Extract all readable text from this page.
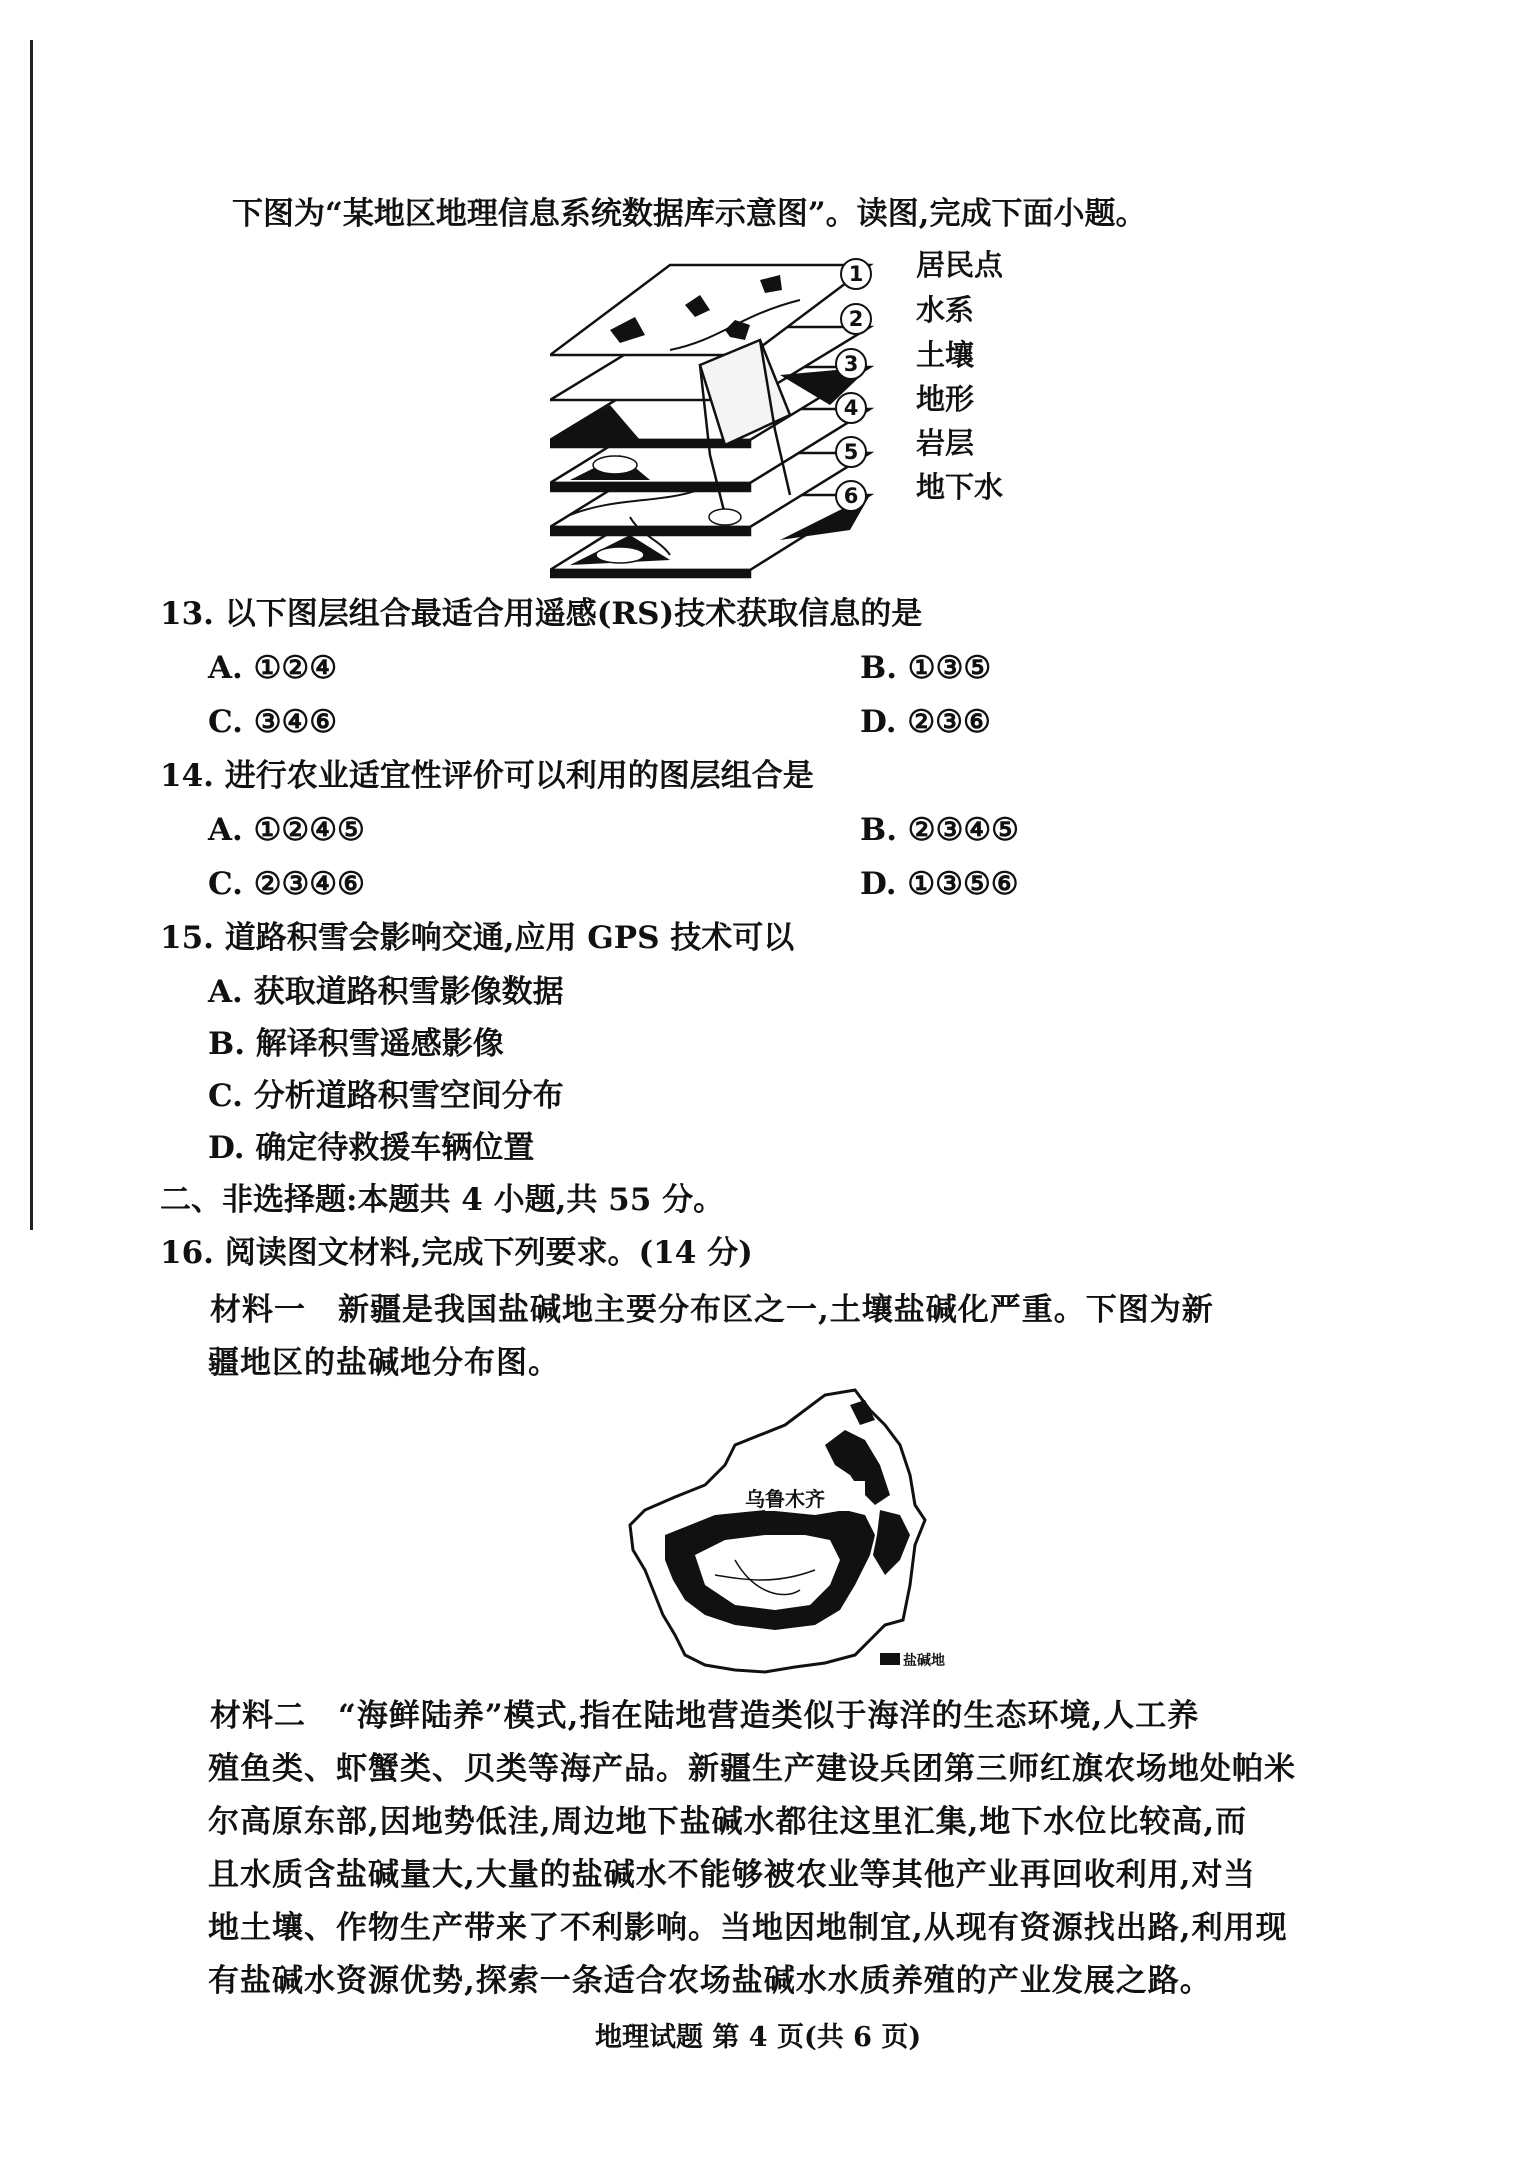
下图为“某地区地理信息系统数据库示意图”。读图,完成下面小题。
1 居民点
2 水系
3 土壤
4 地形
5 岩层
6 地下水
13. 以下图层组合最适合用遥感(RS)技术获取信息的是
A. ①②④	B. ①③⑤
C. ③④⑥	D. ②③⑥
14. 进行农业适宜性评价可以利用的图层组合是
A. ①②④⑤	B. ②③④⑤
C. ②③④⑥	D. ①③⑤⑥
15. 道路积雪会影响交通,应用 GPS 技术可以
A. 获取道路积雪影像数据
B. 解译积雪遥感影像
C. 分析道路积雪空间分布
D. 确定待救援车辆位置
二、非选择题:本题共 4 小题,共 55 分。
16. 阅读图文材料,完成下列要求。(14 分)
材料一　新疆是我国盐碱地主要分布区之一,土壤盐碱化严重。下图为新
疆地区的盐碱地分布图。
乌鲁木齐
盐碱地
材料二　“海鲜陆养”模式,指在陆地营造类似于海洋的生态环境,人工养
殖鱼类、虾蟹类、贝类等海产品。新疆生产建设兵团第三师红旗农场地处帕米
尔高原东部,因地势低洼,周边地下盐碱水都往这里汇集,地下水位比较高,而
且水质含盐碱量大,大量的盐碱水不能够被农业等其他产业再回收利用,对当
地土壤、作物生产带来了不利影响。当地因地制宜,从现有资源找出路,利用现
有盐碱水资源优势,探索一条适合农场盐碱水水质养殖的产业发展之路。
地理试题 第 4 页(共 6 页)
